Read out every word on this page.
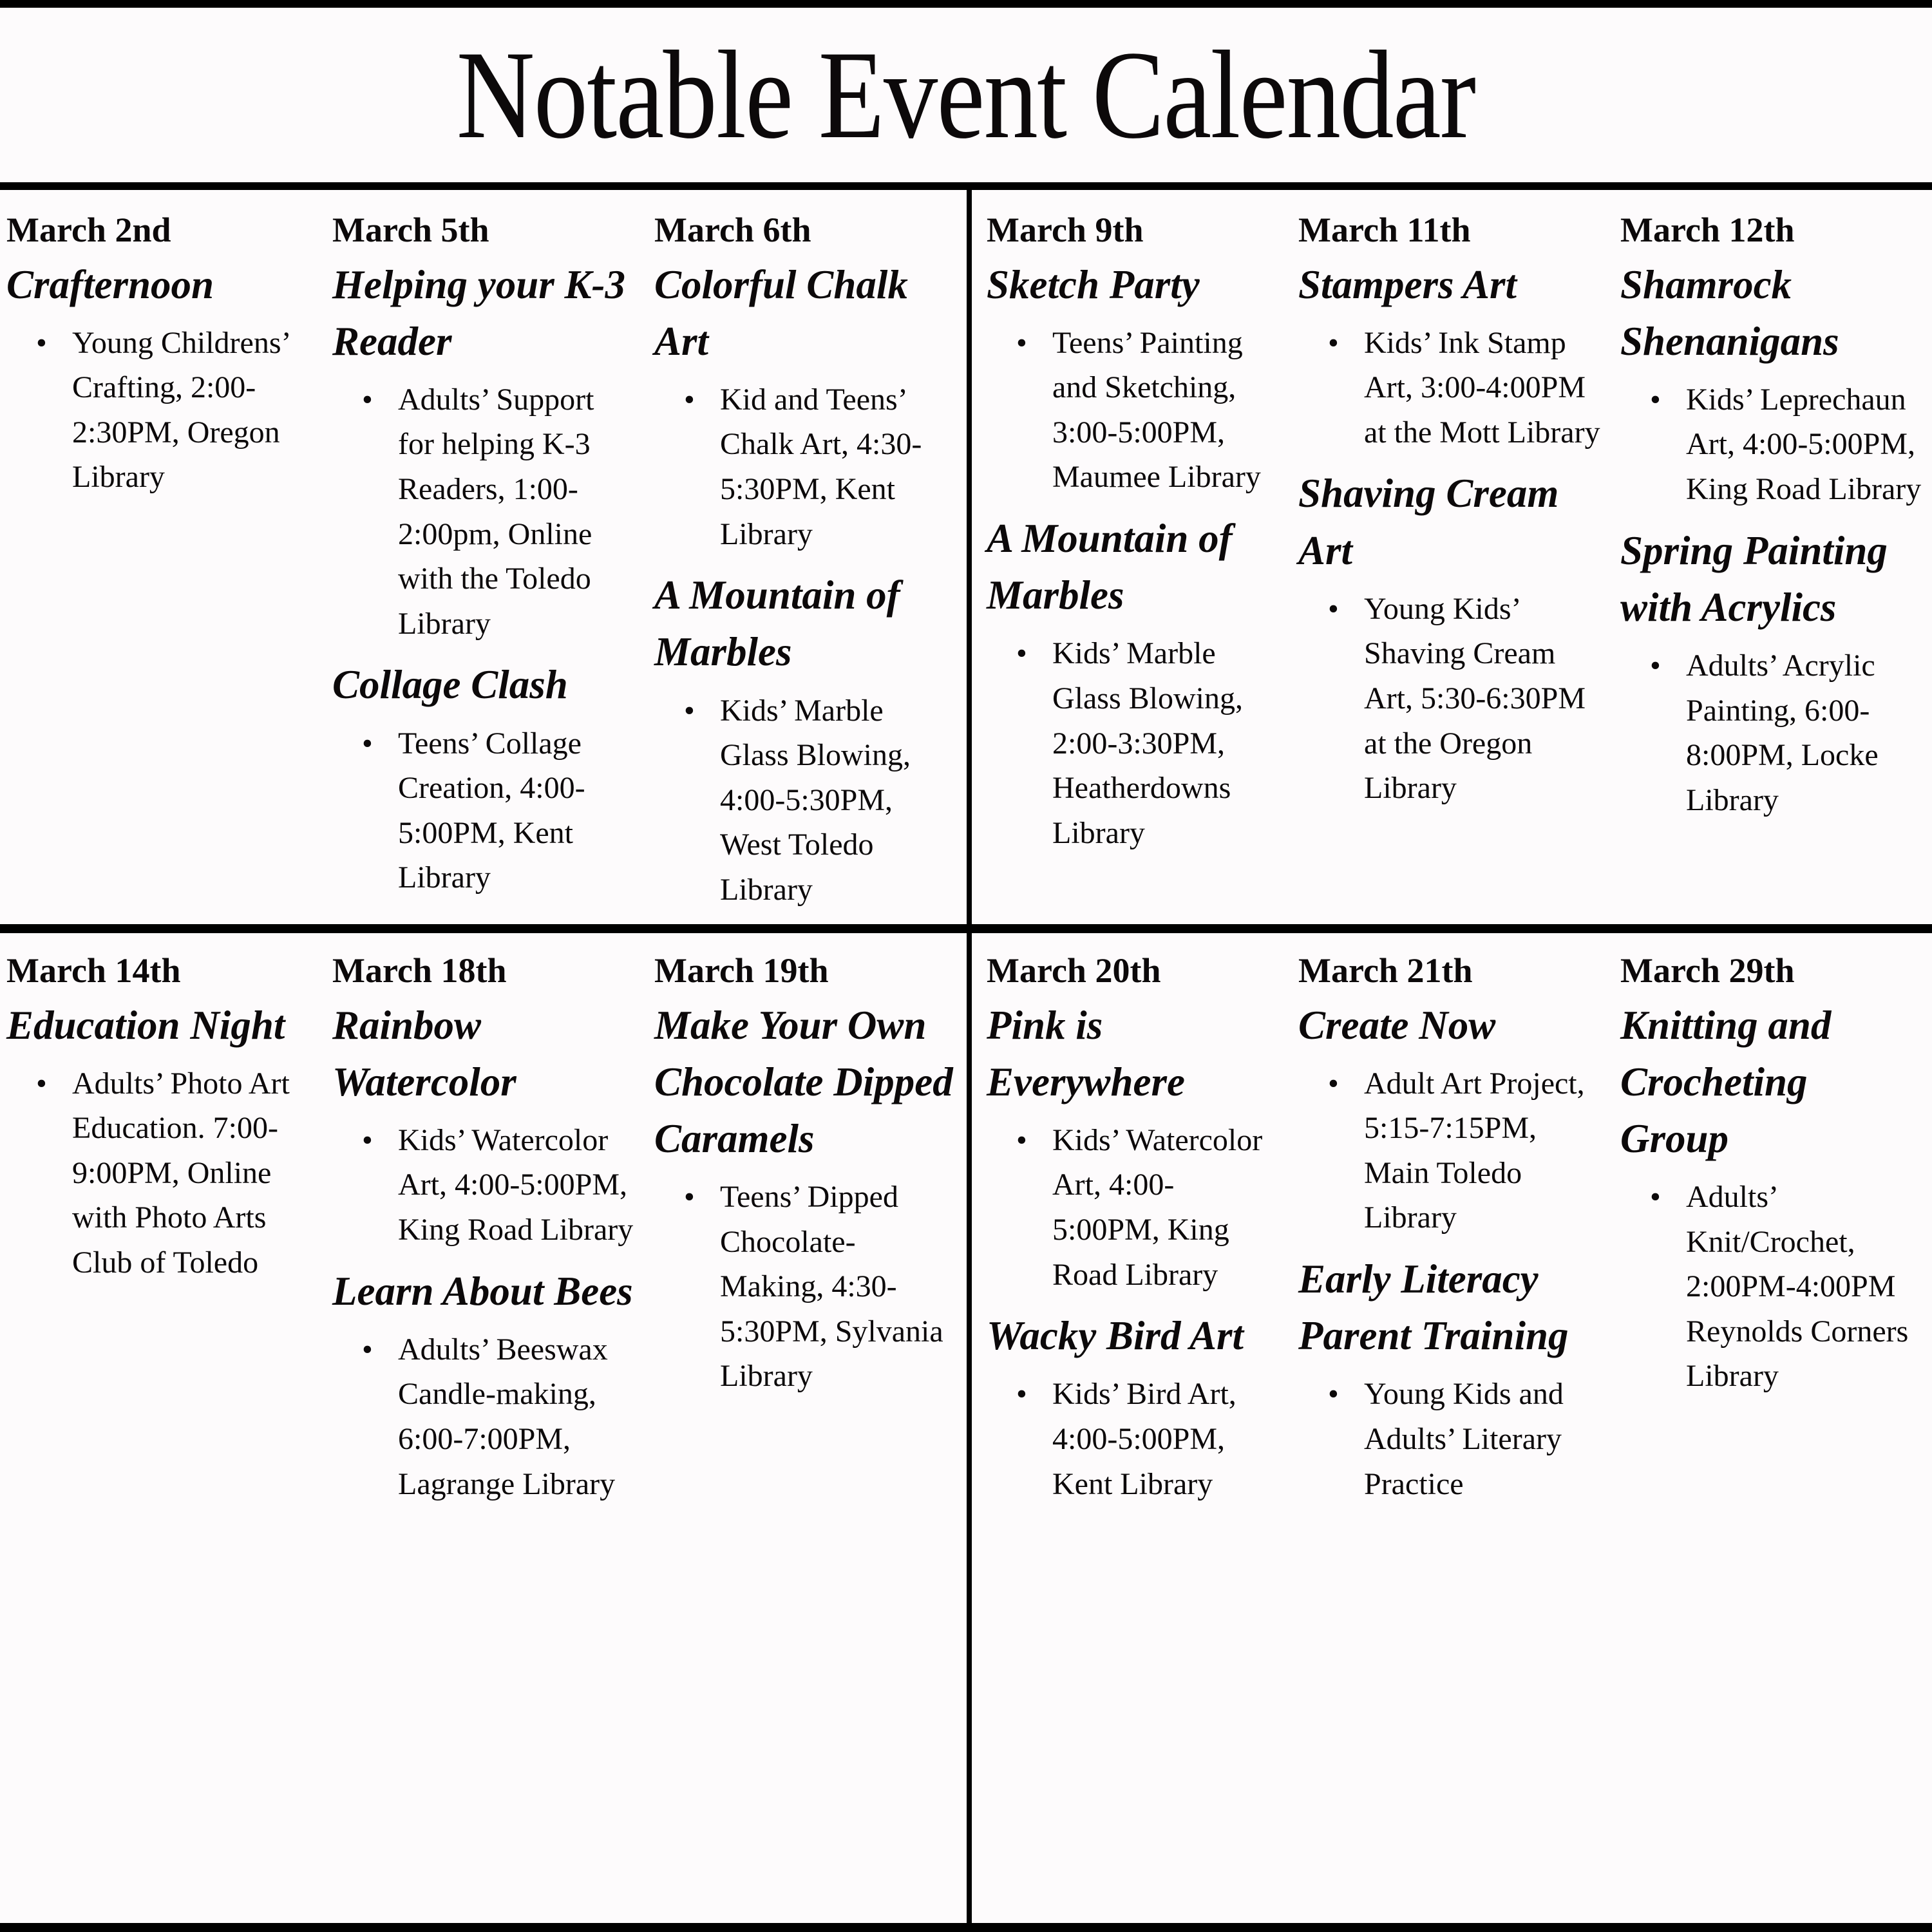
Notable Event Calendar
March 2nd
Crafternoon
• Young Childrens’ Crafting, 2:00-2:30PM, Oregon Library
March 5th
Helping your K-3 Reader
• Adults’ Support for helping K-3 Readers, 1:00-2:00pm, Online with the Toledo Library
Collage Clash
• Teens’ Collage Creation, 4:00-5:00PM, Kent Library
March 6th
Colorful Chalk Art
• Kid and Teens’ Chalk Art, 4:30-5:30PM, Kent Library
A Mountain of Marbles
• Kids’ Marble Glass Blowing, 4:00-5:30PM, West Toledo Library
March 9th
Sketch Party
• Teens’ Painting and Sketching, 3:00-5:00PM, Maumee Library
A Mountain of Marbles
• Kids’ Marble Glass Blowing, 2:00-3:30PM, Heatherdowns Library
March 11th
Stampers Art
• Kids’ Ink Stamp Art, 3:00-4:00PM at the Mott Library
Shaving Cream Art
• Young Kids’ Shaving Cream Art, 5:30-6:30PM at the Oregon Library
March 12th
Shamrock Shenanigans
• Kids’ Leprechaun Art, 4:00-5:00PM, King Road Library
Spring Painting with Acrylics
• Adults’ Acrylic Painting, 6:00-8:00PM, Locke Library
March 14th
Education Night
• Adults’ Photo Art Education. 7:00-9:00PM, Online with Photo Arts Club of Toledo
March 18th
Rainbow Watercolor
• Kids’ Watercolor Art, 4:00-5:00PM, King Road Library
Learn About Bees
• Adults’ Beeswax Candle-making, 6:00-7:00PM, Lagrange Library
March 19th
Make Your Own Chocolate Dipped Caramels
• Teens’ Dipped Chocolate-Making, 4:30-5:30PM, Sylvania Library
March 20th
Pink is Everywhere
• Kids’ Watercolor Art, 4:00-5:00PM, King Road Library
Wacky Bird Art
• Kids’ Bird Art, 4:00-5:00PM, Kent Library
March 21th
Create Now
• Adult Art Project, 5:15-7:15PM, Main Toledo Library
Early Literacy Parent Training
• Young Kids and Adults’ Literary Practice
March 29th
Knitting and Crocheting Group
• Adults’ Knit/Crochet, 2:00PM-4:00PM Reynolds Corners Library
